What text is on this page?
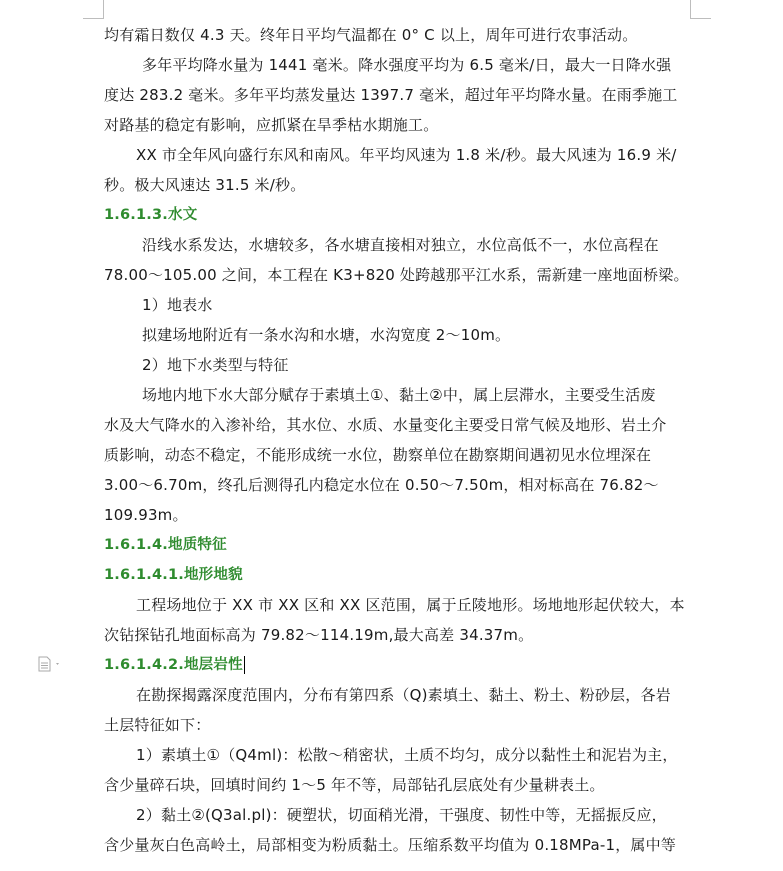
均有霜日数仅 4.3 天。终年日平均气温都在 0° C 以上，周年可进行农事活动。
多年平均降水量为 1441 毫米。降水强度平均为 6.5 毫米/日，最大一日降水强
度达 283.2 毫米。多年平均蒸发量达 1397.7 毫米，超过年平均降水量。在雨季施工
对路基的稳定有影响，应抓紧在旱季枯水期施工。
XX 市全年风向盛行东风和南风。年平均风速为 1.8 米/秒。最大风速为 16.9 米/
秒。极大风速达 31.5 米/秒。
1.6.1.3.水文
沿线水系发达，水塘较多，各水塘直接相对独立，水位高低不一，水位高程在
78.00～105.00 之间，本工程在 K3+820 处跨越那平江水系，需新建一座地面桥梁。
1）地表水
拟建场地附近有一条水沟和水塘，水沟宽度 2～10m。
2）地下水类型与特征
场地内地下水大部分赋存于素填土①、黏土②中，属上层滞水，主要受生活废
水及大气降水的入渗补给，其水位、水质、水量变化主要受日常气候及地形、岩土介
质影响，动态不稳定，不能形成统一水位，勘察单位在勘察期间遇初见水位埋深在
3.00～6.70m，终孔后测得孔内稳定水位在 0.50～7.50m，相对标高在 76.82～
109.93m。
1.6.1.4.地质特征
1.6.1.4.1.地形地貌
工程场地位于 XX 市 XX 区和 XX 区范围，属于丘陵地形。场地地形起伏较大，本
次钻探钻孔地面标高为 79.82～114.19m,最大高差 34.37m。
1.6.1.4.2.地层岩性
在勘探揭露深度范围内，分布有第四系（Q)素填土、黏土、粉土、粉砂层，各岩
土层特征如下：
1）素填土①（Q4ml)：松散～稍密状，土质不均匀，成分以黏性土和泥岩为主，
含少量碎石块，回填时间约 1～5 年不等，局部钻孔层底处有少量耕表土。
2）黏土②(Q3al.pl)：硬塑状，切面稍光滑，干强度、韧性中等，无摇振反应，
含少量灰白色高岭土，局部相变为粉质黏土。压缩系数平均值为 0.18MPa-1，属中等
